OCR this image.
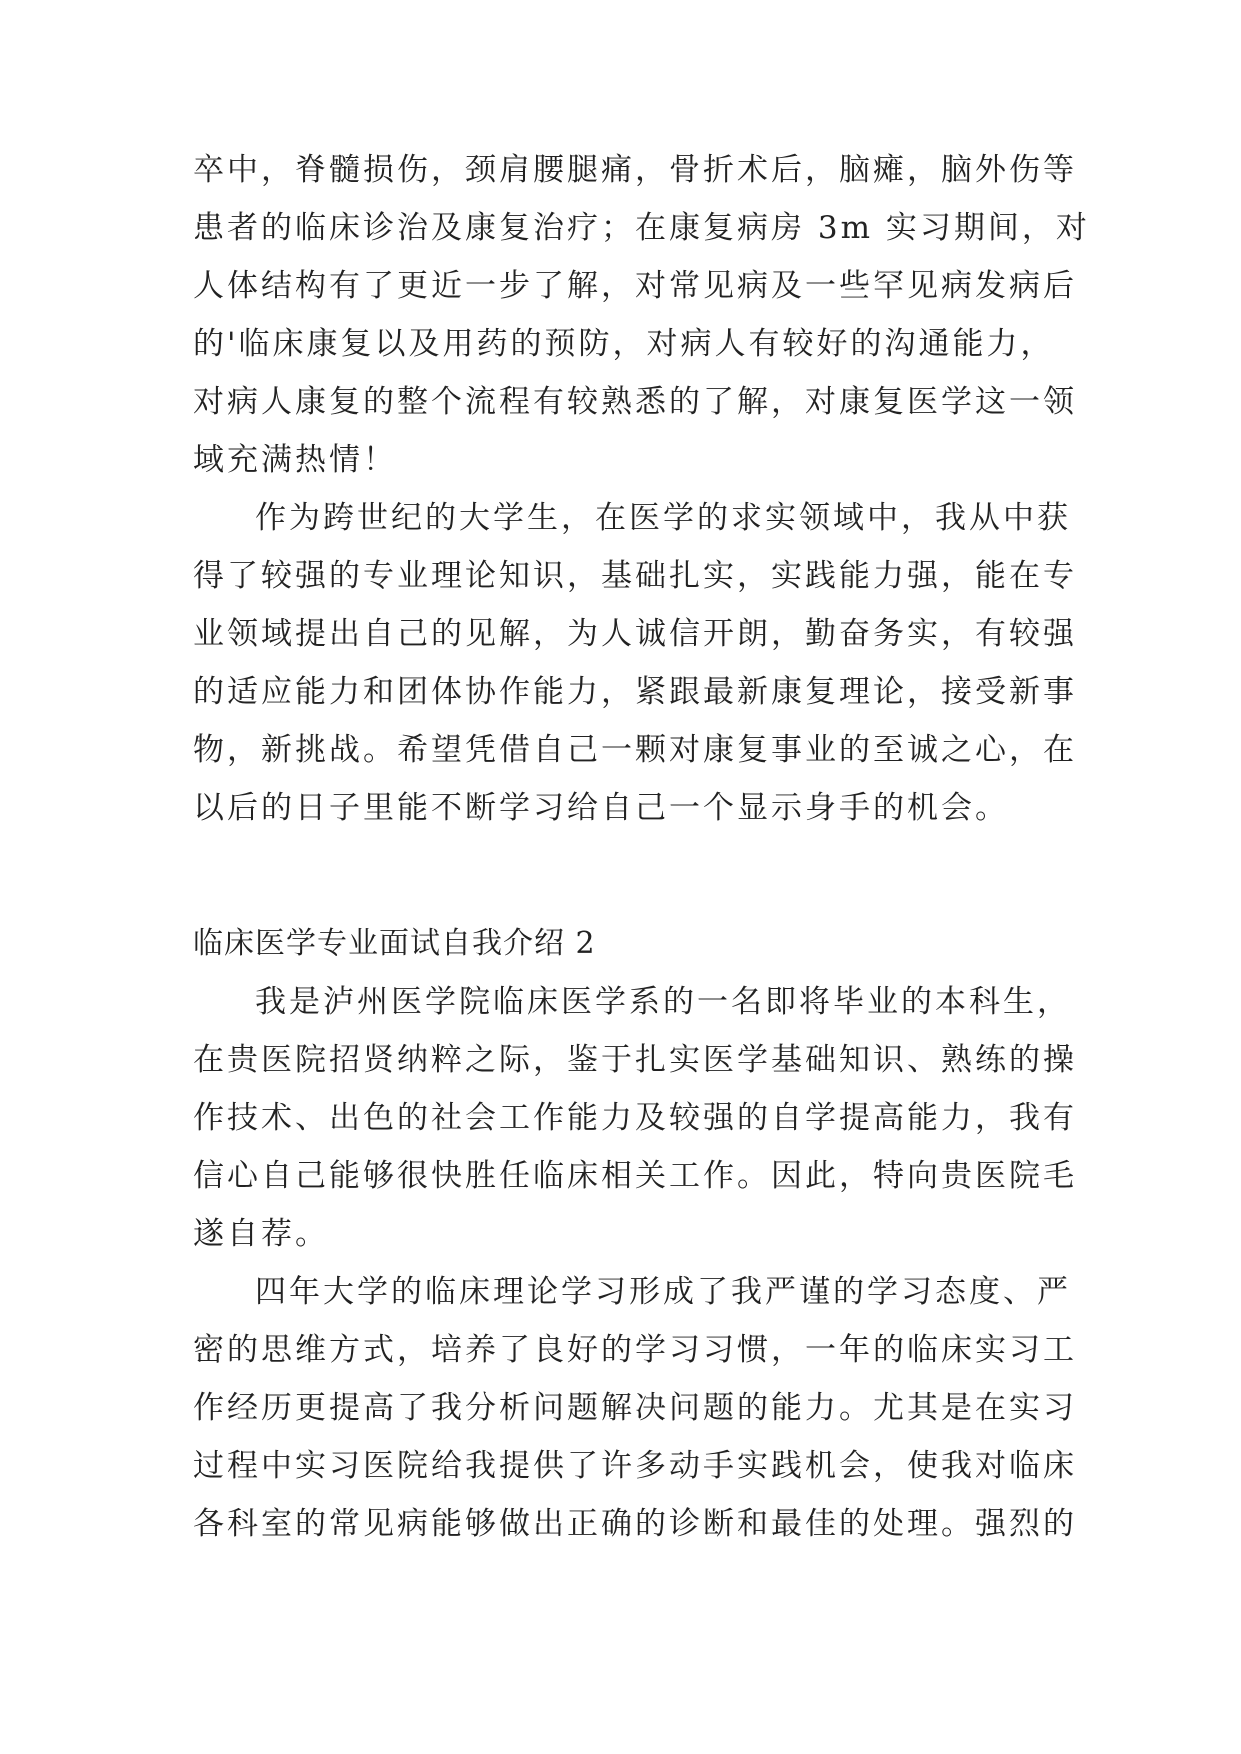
卒中，脊髓损伤，颈肩腰腿痛，骨折术后，脑瘫，脑外伤等
患者的临床诊治及康复治疗；在康复病房 3m 实习期间，对
人体结构有了更近一步了解，对常见病及一些罕见病发病后
的'临床康复以及用药的预防，对病人有较好的沟通能力，
对病人康复的整个流程有较熟悉的了解，对康复医学这一领
域充满热情！
作为跨世纪的大学生，在医学的求实领域中，我从中获
得了较强的专业理论知识，基础扎实，实践能力强，能在专
业领域提出自己的见解，为人诚信开朗，勤奋务实，有较强
的适应能力和团体协作能力，紧跟最新康复理论，接受新事
物，新挑战。希望凭借自己一颗对康复事业的至诚之心，在
以后的日子里能不断学习给自己一个显示身手的机会。
临床医学专业面试自我介绍 2
我是泸州医学院临床医学系的一名即将毕业的本科生，
在贵医院招贤纳粹之际，鉴于扎实医学基础知识、熟练的操
作技术、出色的社会工作能力及较强的自学提高能力，我有
信心自己能够很快胜任临床相关工作。因此，特向贵医院毛
遂自荐。
四年大学的临床理论学习形成了我严谨的学习态度、严
密的思维方式，培养了良好的学习习惯，一年的临床实习工
作经历更提高了我分析问题解决问题的能力。尤其是在实习
过程中实习医院给我提供了许多动手实践机会，使我对临床
各科室的常见病能够做出正确的诊断和最佳的处理。强烈的
